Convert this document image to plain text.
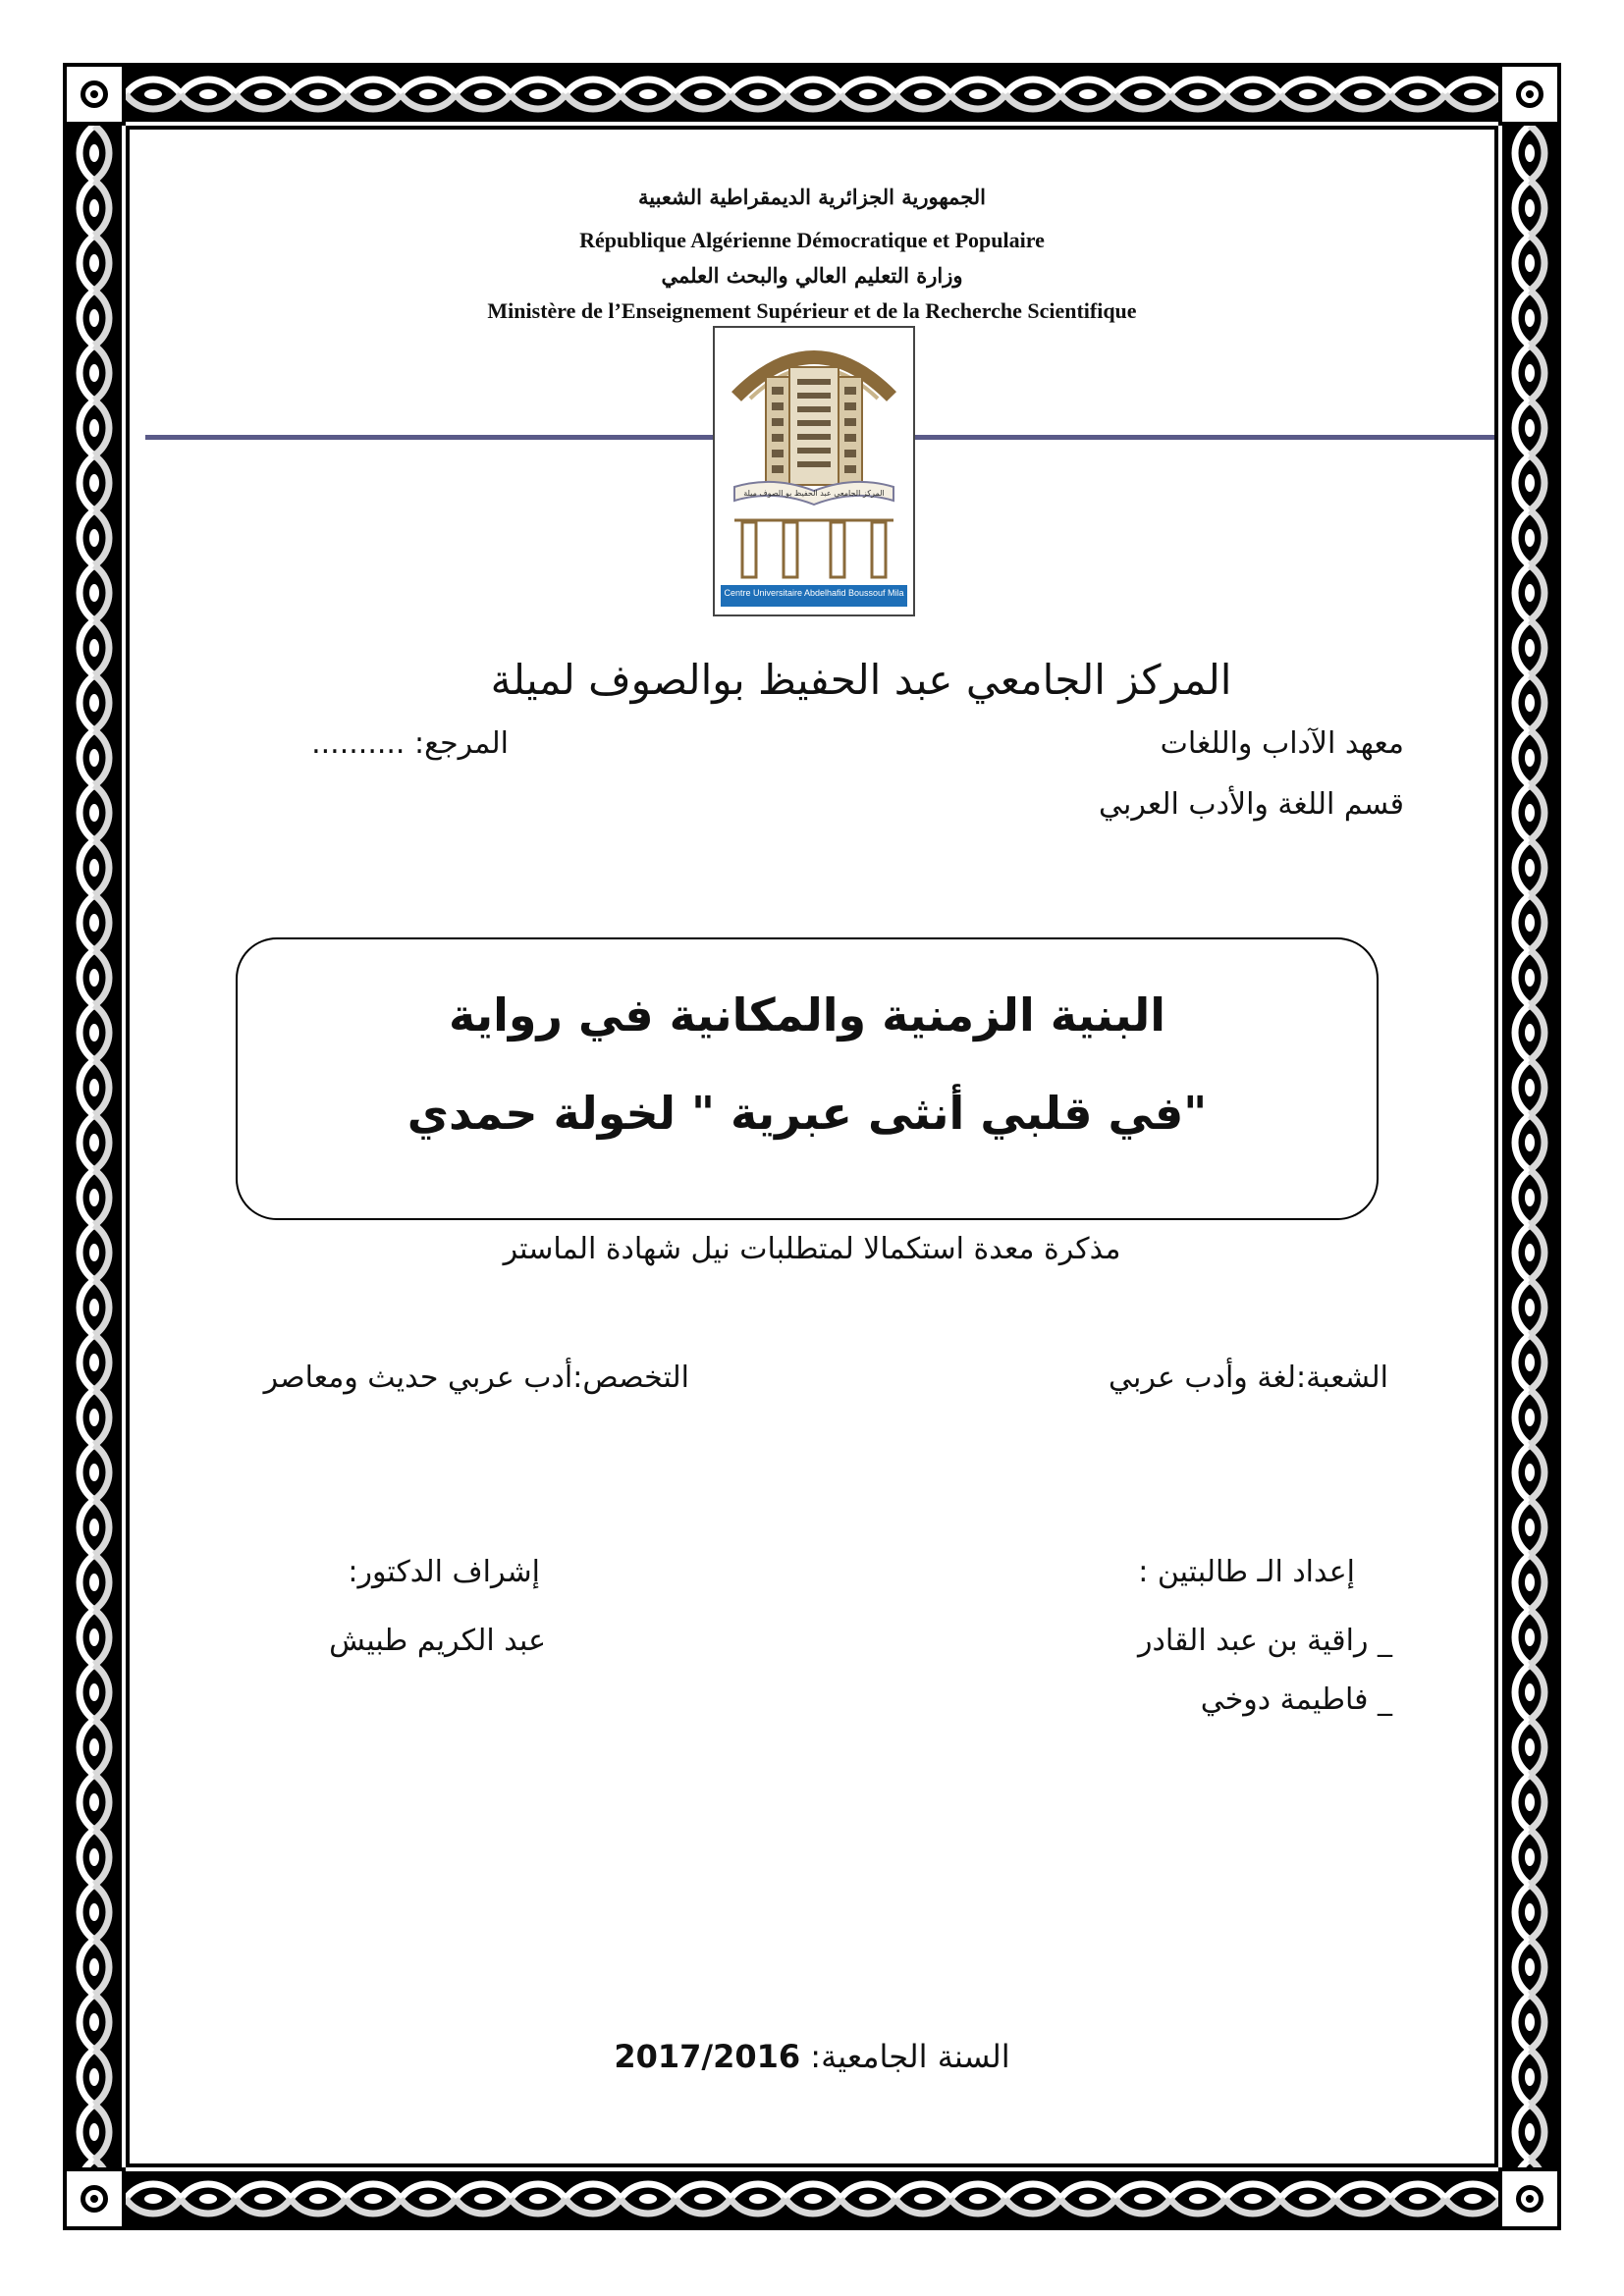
الجمهورية الجزائرية الديمقراطية الشعبية
République Algérienne Démocratique et Populaire
وزارة التعليم العالي والبحث العلمي
Ministère de l’Enseignement Supérieur et de la Recherche Scientifique
المركز الجامعي عبد الحفيظ بو الصوف ميلة
Centre Universitaire Abdelhafid Boussouf Mila
المركز الجامعي عبد الحفيظ بوالصوف لميلة
معهد الآداب واللغات
المرجع: ..........
قسم اللغة والأدب العربي
البنية الزمنية والمكانية في رواية
"في قلبي أنثى عبرية " لخولة حمدي
مذكرة معدة استكمالا لمتطلبات نيل شهادة الماستر
الشعبة:لغة وأدب عربي
التخصص:أدب عربي حديث ومعاصر
إعداد الـ طالبتين :
_ راقية بن عبد القادر
_ فاطيمة دوخي
إشراف الدكتور:
عبد الكريم طبيش
السنة الجامعية: 2017/2016
